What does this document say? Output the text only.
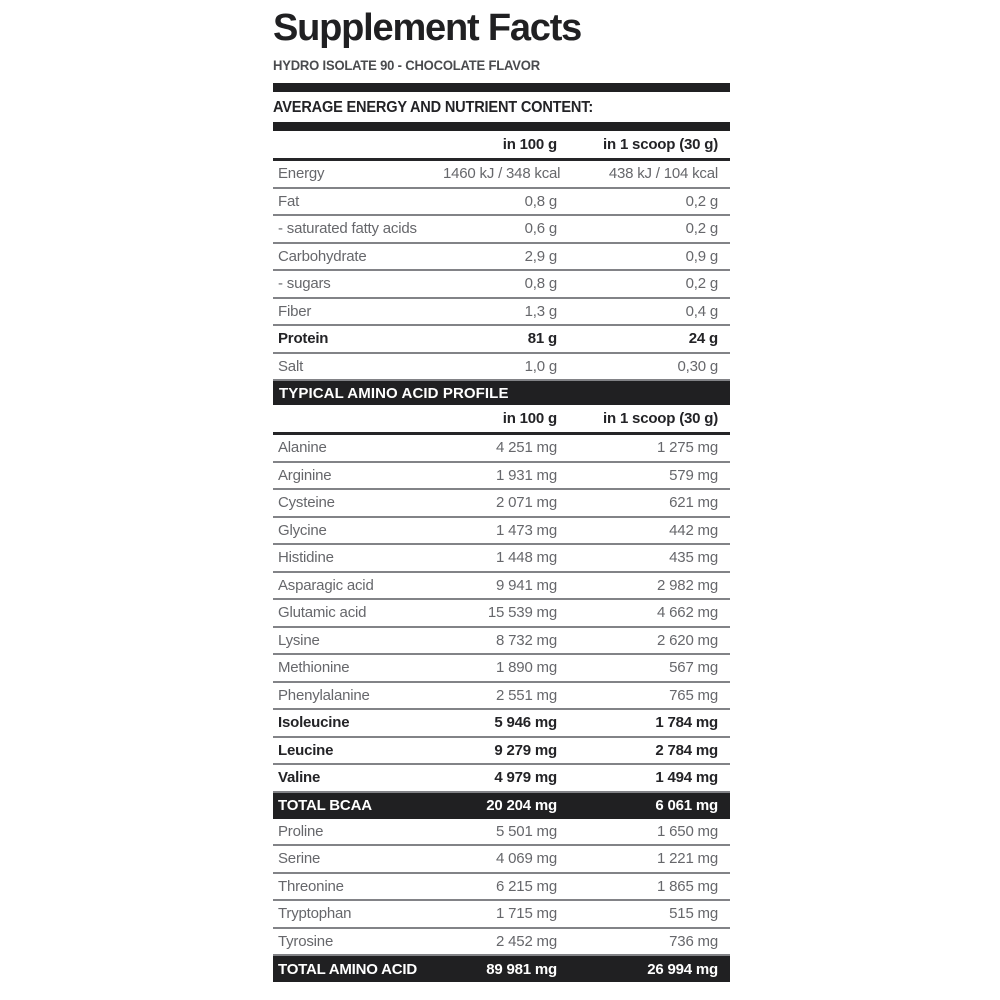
Supplement Facts
HYDRO ISOLATE 90 - CHOCOLATE FLAVOR
AVERAGE ENERGY AND NUTRIENT CONTENT:
in 100 g	in 1 scoop (30 g)
Energy	1460 kJ / 348 kcal	438 kJ / 104 kcal
Fat	0,8 g	0,2 g
- saturated fatty acids	0,6 g	0,2 g
Carbohydrate	2,9 g	0,9 g
- sugars	0,8 g	0,2 g
Fiber	1,3 g	0,4 g
Protein	81 g	24 g
Salt	1,0 g	0,30 g
TYPICAL AMINO ACID PROFILE
in 100 g	in 1 scoop (30 g)
Alanine	4 251 mg	1 275 mg
Arginine	1 931 mg	579 mg
Cysteine	2 071 mg	621 mg
Glycine	1 473 mg	442 mg
Histidine	1 448 mg	435 mg
Asparagic acid	9 941 mg	2 982 mg
Glutamic acid	15 539 mg	4 662 mg
Lysine	8 732 mg	2 620 mg
Methionine	1 890 mg	567 mg
Phenylalanine	2 551 mg	765 mg
Isoleucine	5 946 mg	1 784 mg
Leucine	9 279 mg	2 784 mg
Valine	4 979 mg	1 494 mg
TOTAL BCAA	20 204 mg	6 061 mg
Proline	5 501 mg	1 650 mg
Serine	4 069 mg	1 221 mg
Threonine	6 215 mg	1 865 mg
Tryptophan	1 715 mg	515 mg
Tyrosine	2 452 mg	736 mg
TOTAL AMINO ACID	89 981 mg	26 994 mg
